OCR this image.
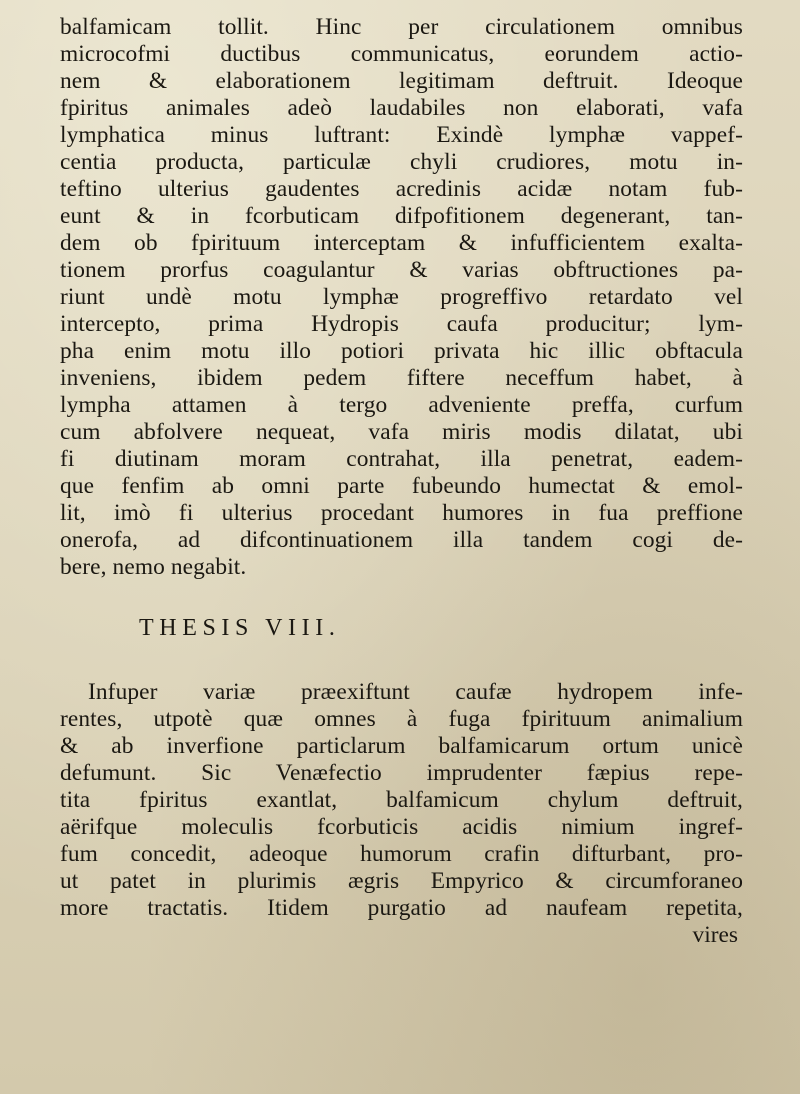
balfamicam tollit. Hinc per circulationem omnibus
microcofmi ductibus communicatus, eorundem actio-
nem & elaborationem legitimam deftruit. Ideoque
fpiritus animales adeò laudabiles non elaborati, vafa
lymphatica minus luftrant: Exindè lymphæ vappef-
centia producta, particulæ chyli crudiores, motu in-
teftino ulterius gaudentes acredinis acidæ notam fub-
eunt & in fcorbuticam difpofitionem degenerant, tan-
dem ob fpirituum interceptam & infufficientem exalta-
tionem prorfus coagulantur & varias obftructiones pa-
riunt undè motu lymphæ progreffivo retardato vel
intercepto, prima Hydropis caufa producitur; lym-
pha enim motu illo potiori privata hic illic obftacula
inveniens, ibidem pedem fiftere neceffum habet, à
lympha attamen à tergo adveniente preffa, curfum
cum abfolvere nequeat, vafa miris modis dilatat, ubi
fi diutinam moram contrahat, illa penetrat, eadem-
que fenfim ab omni parte fubeundo humectat & emol-
lit, imò fi ulterius procedant humores in fua preffione
onerofa, ad difcontinuationem illa tandem cogi de-
bere, nemo negabit.
THESIS VIII.
Infuper variæ præexiftunt caufæ hydropem infe-
rentes, utpotè quæ omnes à fuga fpirituum animalium
& ab inverfione particlarum balfamicarum ortum unicè
defumunt. Sic Venæfectio imprudenter fæpius repe-
tita fpiritus exantlat, balfamicum chylum deftruit,
aërifque moleculis fcorbuticis acidis nimium ingref-
fum concedit, adeoque humorum crafin difturbant, pro-
ut patet in plurimis ægris Empyrico & circumforaneo
more tractatis. Itidem purgatio ad naufeam repetita,
vires
